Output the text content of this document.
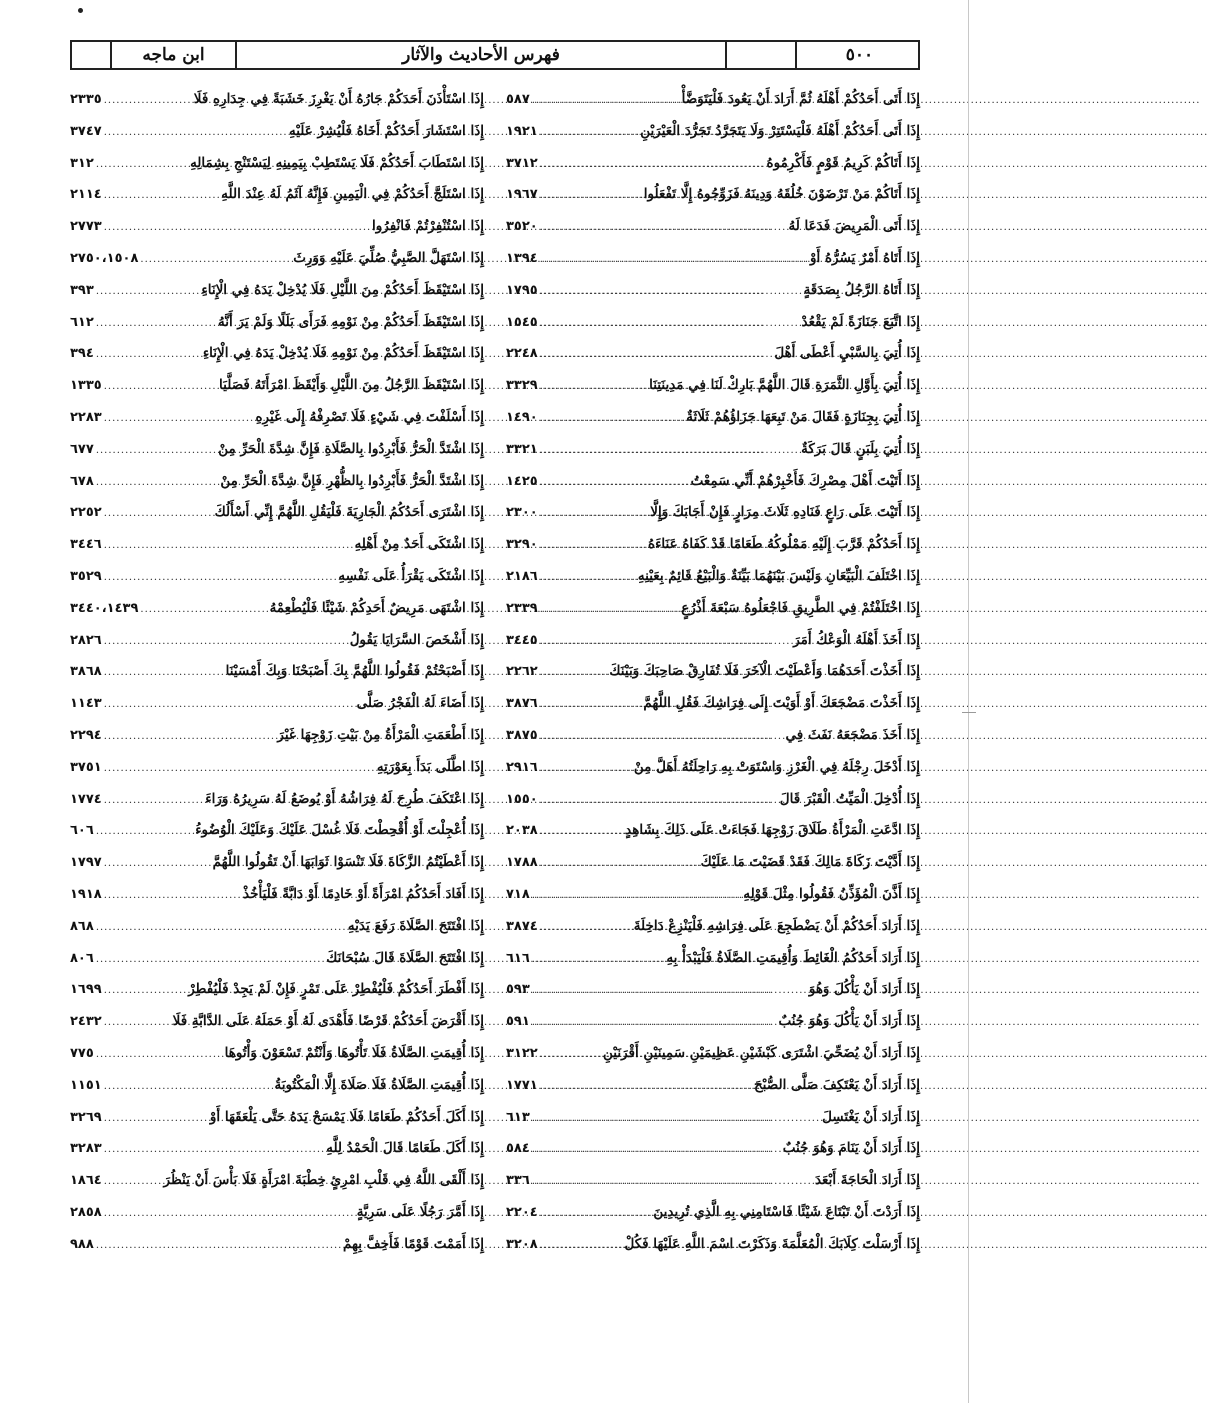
ابن ماجه	فهرس الأحاديث والآثار	٥٠٠
إِذَا اسْتَأْذَنَ أَحَدَكُمْ جَارُهُ أَنْ يَغْرِزَ خَشَبَةً فِي جِدَارِهِ فَلَا
.....
٢٣٣٥
إِذَا اسْتَشَارَ أَحَدُكُمْ أَخَاهُ فَلْيُشِرْ عَلَيْهِ
.....
٣٧٤٧
إِذَا اسْتَطَابَ أَحَدُكُمْ فَلَا يَسْتَطِبْ بِيَمِينِهِ لِيَسْتَنْجِ بِشِمَالِهِ
.....
٣١٢
إِذَا اسْتَلَجَّ أَحَدُكُمْ فِي الْيَمِينِ فَإِنَّهُ آثَمُ لَهُ عِنْدَ اللَّهِ
.....
٢١١٤
إِذَا اسْتُنْفِرْتُمْ فَانْفِرُوا
.....
٢٧٧٣
إِذَا اسْتَهَلَّ الصَّبِيُّ صُلِّيَ عَلَيْهِ وَوَرِثَ
.....
٢٧٥٠،١٥٠٨
إِذَا اسْتَيْقَظَ أَحَدُكُمْ مِنَ اللَّيْلِ فَلَا يُدْخِلْ يَدَهُ فِي الْإِنَاءِ
.....
٣٩٣
إِذَا اسْتَيْقَظَ أَحَدُكُمْ مِنْ نَوْمِهِ فَرَأَى بَلَلًا وَلَمْ يَرَ أَنَّهُ
.....
٦١٢
إِذَا اسْتَيْقَظَ أَحَدُكُمْ مِنْ نَوْمِهِ فَلَا يُدْخِلْ يَدَهُ فِي الْإِنَاءِ
.....
٣٩٤
إِذَا اسْتَيْقَظَ الرَّجُلُ مِنَ اللَّيْلِ وَأَيْقَظَ امْرَأَتَهُ فَصَلَّيَا
.....
١٣٣٥
إِذَا أَسْلَفْتَ فِي شَيْءٍ فَلَا تَصْرِفْهُ إِلَى غَيْرِهِ
.....
٢٢٨٣
إِذَا اشْتَدَّ الْحَرُّ فَأَبْرِدُوا بِالصَّلَاةِ فَإِنَّ شِدَّةَ الْحَرِّ مِنْ
.....
٦٧٧
إِذَا اشْتَدَّ الْحَرُّ فَأَبْرِدُوا بِالظُّهْرِ فَإِنَّ شِدَّةَ الْحَرِّ مِنْ
.....
٦٧٨
إِذَا اشْتَرَى أَحَدُكُمُ الْجَارِيَةَ فَلْيَقُلِ اللَّهُمَّ إِنِّي أَسْأَلُكَ
.....
٢٢٥٢
إِذَا اشْتَكَى أَحَدٌ مِنْ أَهْلِهِ
.....
٣٤٤٦
إِذَا اشْتَكَى يَقْرَأُ عَلَى نَفْسِهِ
.....
٣٥٢٩
إِذَا اشْتَهَى مَرِيضٌ أَحَدِكُمْ شَيْئًا فَلْيُطْعِمْهُ
.....
٣٤٤٠،١٤٣٩
إِذَا أَشْخَصَ السَّرَايَا يَقُولُ
.....
٢٨٢٦
إِذَا أَصْبَحْتُمْ فَقُولُوا اللَّهُمَّ بِكَ أَصْبَحْنَا وَبِكَ أَمْسَيْنَا
.....
٣٨٦٨
إِذَا أَضَاءَ لَهُ الْفَجْرُ صَلَّى
.....
١١٤٣
إِذَا أَطْعَمَتِ الْمَرْأَةُ مِنْ بَيْتِ زَوْجِهَا غَيْرَ
.....
٢٢٩٤
إِذَا اطَّلَى بَدَأَ بِعَوْرَتِهِ
.....
٣٧٥١
إِذَا اعْتَكَفَ طُرِحَ لَهُ فِرَاشُهُ أَوْ يُوضَعُ لَهُ سَرِيرُهُ وَرَاءَ
.....
١٧٧٤
إِذَا أُعْجِلْتَ أَوْ أُقْحِطْتَ فَلَا غُسْلَ عَلَيْكَ وَعَلَيْكَ الْوُضُوءُ
.....
٦٠٦
إِذَا أَعْطَيْتُمُ الزَّكَاةَ فَلَا تَنْسَوْا ثَوَابَهَا أَنْ تَقُولُوا اللَّهُمَّ
.....
١٧٩٧
إِذَا أَفَادَ أَحَدُكُمُ امْرَأَةً أَوْ خَادِمًا أَوْ دَابَّةً فَلْيَأْخُذْ
.....
١٩١٨
إِذَا افْتَتَحَ الصَّلَاةَ رَفَعَ يَدَيْهِ
.....
٨٦٨
إِذَا افْتَتَحَ الصَّلَاةَ قَالَ سُبْحَانَكَ
.....
٨٠٦
إِذَا أَفْطَرَ أَحَدُكُمْ فَلْيُفْطِرْ عَلَى تَمْرٍ فَإِنْ لَمْ يَجِدْ فَلْيُفْطِرْ
.....
١٦٩٩
إِذَا أَقْرَضَ أَحَدُكُمْ قَرْضًا فَأَهْدَى لَهُ أَوْ حَمَلَهُ عَلَى الدَّابَّةِ فَلَا
.....
٢٤٣٢
إِذَا أُقِيمَتِ الصَّلَاةُ فَلَا تَأْتُوهَا وَأَنْتُمْ تَسْعَوْنَ وَأْتُوهَا
.....
٧٧٥
إِذَا أُقِيمَتِ الصَّلَاةُ فَلَا صَلَاةَ إِلَّا الْمَكْتُوبَةُ
.....
١١٥١
إِذَا أَكَلَ أَحَدُكُمْ طَعَامًا فَلَا يَمْسَحْ يَدَهُ حَتَّى يَلْعَقَهَا أَوْ
.....
٣٢٦٩
إِذَا أَكَلَ طَعَامًا قَالَ الْحَمْدُ لِلَّهِ
.....
٣٢٨٣
إِذَا أَلْقَى اللَّهُ فِي قَلْبِ امْرِئٍ خِطْبَةَ امْرَأَةٍ فَلَا بَأْسَ أَنْ يَنْظُرَ
.....
١٨٦٤
إِذَا أَمَّرَ رَجُلًا عَلَى سَرِيَّةٍ
.....
٢٨٥٨
إِذَا أَمَمْتَ قَوْمًا فَأَخِفَّ بِهِمْ
.....
٩٨٨
إِذَا أَتَى أَحَدُكُمْ أَهْلَهُ ثُمَّ أَرَادَ أَنْ يَعُودَ فَلْيَتَوَضَّأْ
.....
٥٨٧
إِذَا أَتَى أَحَدُكُمْ أَهْلَهُ فَلْيَسْتَتِرْ وَلَا يَتَجَرَّدُ تَجَرُّدَ الْعَيْرَيْنِ
.....
١٩٢١
إِذَا أَتَاكُمْ كَرِيمُ قَوْمٍ فَأَكْرِمُوهُ
.....
٣٧١٢
إِذَا أَتَاكُمْ مَنْ تَرْضَوْنَ خُلُقَهُ وَدِينَهُ فَزَوِّجُوهُ إِلَّا تَفْعَلُوا
.....
١٩٦٧
إِذَا أَتَى الْمَرِيضَ فَدَعَا لَهُ
.....
٣٥٢٠
إِذَا أَتَاهُ أَمْرٌ يَسُرُّهُ أَوْ
.....
١٣٩٤
إِذَا أَتَاهُ الرَّجُلُ بِصَدَقَةٍ
.....
١٧٩٥
إِذَا اتَّبَعَ جَنَازَةً لَمْ يَقْعُدْ
.....
١٥٤٥
إِذَا أُتِيَ بِالسَّبْيِ أَعْطَى أَهْلَ
.....
٢٢٤٨
إِذَا أُتِيَ بِأَوَّلِ الثَّمَرَةِ قَالَ اللَّهُمَّ بَارِكْ لَنَا فِي مَدِينَتِنَا
.....
٣٣٢٩
إِذَا أُتِيَ بِجِنَازَةٍ فَقَالَ مَنْ تَبِعَهَا جَزَاؤُهُمْ ثَلَاثَةٌ
.....
١٤٩٠
إِذَا أُتِيَ بِلَبَنٍ قَالَ بَرَكَةٌ
.....
٣٣٢١
إِذَا أَتَيْتَ أَهْلَ مِصْرِكَ فَأَخْبِرْهُمْ أَنِّي سَمِعْتُ
.....
١٤٢٥
إِذَا أَتَيْتَ عَلَى رَاعٍ فَنَادِهِ ثَلَاثَ مِرَارٍ فَإِنْ أَجَابَكَ وَإِلَّا
.....
٢٣٠٠
إِذَا أَحَدُكُمْ قَرَّبَ إِلَيْهِ مَمْلُوكُهُ طَعَامًا قَدْ كَفَاهُ عَنَاءَهُ
.....
٣٢٩٠
إِذَا اخْتَلَفَ الْبَيِّعَانِ وَلَيْسَ بَيْنَهُمَا بَيِّنَةٌ وَالْبَيْعُ قَائِمٌ بِعَيْنِهِ
.....
٢١٨٦
إِذَا اخْتَلَفْتُمْ فِي الطَّرِيقِ فَاجْعَلُوهُ سَبْعَةَ أَذْرُعٍ
.....
٢٣٣٩
إِذَا أَخَذَ أَهْلَهُ الْوَعْكُ أَمَرَ
.....
٣٤٤٥
إِذَا أَخَذْتَ أَحَدَهُمَا وَأَعْطَيْتَ الْآخَرَ فَلَا تُفَارِقْ صَاحِبَكَ وَبَيْنَكَ
.....
٢٢٦٢
إِذَا أَخَذْتَ مَضْجَعَكَ أَوْ أَوَيْتَ إِلَى فِرَاشِكَ فَقُلِ اللَّهُمَّ
.....
٣٨٧٦
إِذَا أَخَذَ مَضْجَعَهُ نَفَثَ فِي
.....
٣٨٧٥
إِذَا أَدْخَلَ رِجْلَهُ فِي الْغَرْزِ وَاسْتَوَتْ بِهِ رَاحِلَتُهُ أَهَلَّ مِنْ
.....
٢٩١٦
إِذَا أُدْخِلَ الْمَيِّتُ الْقَبْرَ قَالَ
.....
١٥٥٠
إِذَا ادَّعَتِ الْمَرْأَةُ طَلَاقَ زَوْجِهَا فَجَاءَتْ عَلَى ذَلِكَ بِشَاهِدٍ
.....
٢٠٣٨
إِذَا أَدَّيْتَ زَكَاةَ مَالِكَ فَقَدْ قَضَيْتَ مَا عَلَيْكَ
.....
١٧٨٨
إِذَا أَذَّنَ الْمُؤَذِّنُ فَقُولُوا مِثْلَ قَوْلِهِ
.....
٧١٨
إِذَا أَرَادَ أَحَدُكُمْ أَنْ يَضْطَجِعَ عَلَى فِرَاشِهِ فَلْيَنْزِعْ دَاخِلَةَ
.....
٣٨٧٤
إِذَا أَرَادَ أَحَدُكُمُ الْغَائِطَ وَأُقِيمَتِ الصَّلَاةُ فَلْيَبْدَأْ بِهِ
.....
٦١٦
إِذَا أَرَادَ أَنْ يَأْكُلَ وَهُوَ
.....
٥٩٣
إِذَا أَرَادَ أَنْ يَأْكُلَ وَهُوَ جُنُبٌ
.....
٥٩١
إِذَا أَرَادَ أَنْ يُضَحِّيَ اشْتَرَى كَبْشَيْنِ عَظِيمَيْنِ سَمِينَيْنِ أَقْرَنَيْنِ
.....
٣١٢٢
إِذَا أَرَادَ أَنْ يَعْتَكِفَ صَلَّى الصُّبْحَ
.....
١٧٧١
إِذَا أَرَادَ أَنْ يَغْتَسِلَ
.....
٦١٣
إِذَا أَرَادَ أَنْ يَنَامَ وَهُوَ جُنُبٌ
.....
٥٨٤
إِذَا أَرَادَ الْحَاجَةَ أَبْعَدَ
.....
٣٣٦
إِذَا أَرَدْتَ أَنْ تَبْتَاعَ شَيْئًا فَاسْتَامِنِي بِهِ الَّذِي تُرِيدِينَ
.....
٢٢٠٤
إِذَا أَرْسَلْتَ كِلَابَكَ الْمُعَلَّمَةَ وَذَكَرْتَ اسْمَ اللَّهِ عَلَيْهَا فَكُلْ
.....
٣٢٠٨
